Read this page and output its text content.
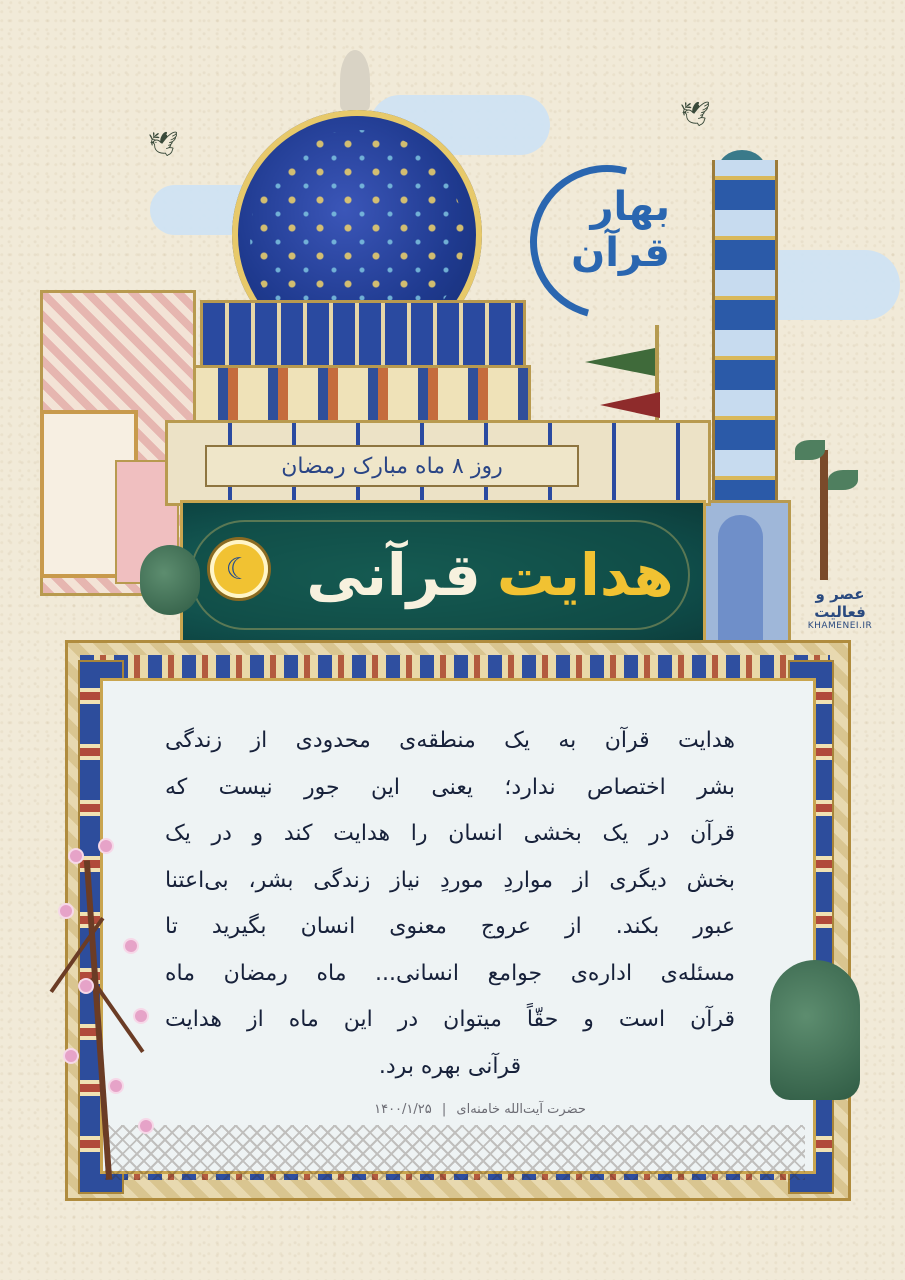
🕊
🕊
بهار قرآن
عصر و فعالیت
KHAMENEI.IR
روز ۸ ماه مبارک رمضان
☾	هدایت
قرآنی
هدایت قرآن به یک منطقه‌ی محدودی از زندگی
بشر اختصاص ندارد؛ یعنی این جور نیست که
قرآن در یک بخشی انسان را هدایت کند و در یک
بخش دیگری از مواردِ موردِ نیاز زندگی بشر، بی‌اعتنا
عبور بکند. از عروج معنوی انسان بگیرید تا
مسئله‌ی اداره‌ی جوامع انسانی... ماه رمضان ماه
قرآن است و حقّاً میتوان در این ماه از هدایت
قرآنی بهره برد.
حضرت آیت‌الله خامنه‌ای | ۱۴۰۰/۱/۲۵
